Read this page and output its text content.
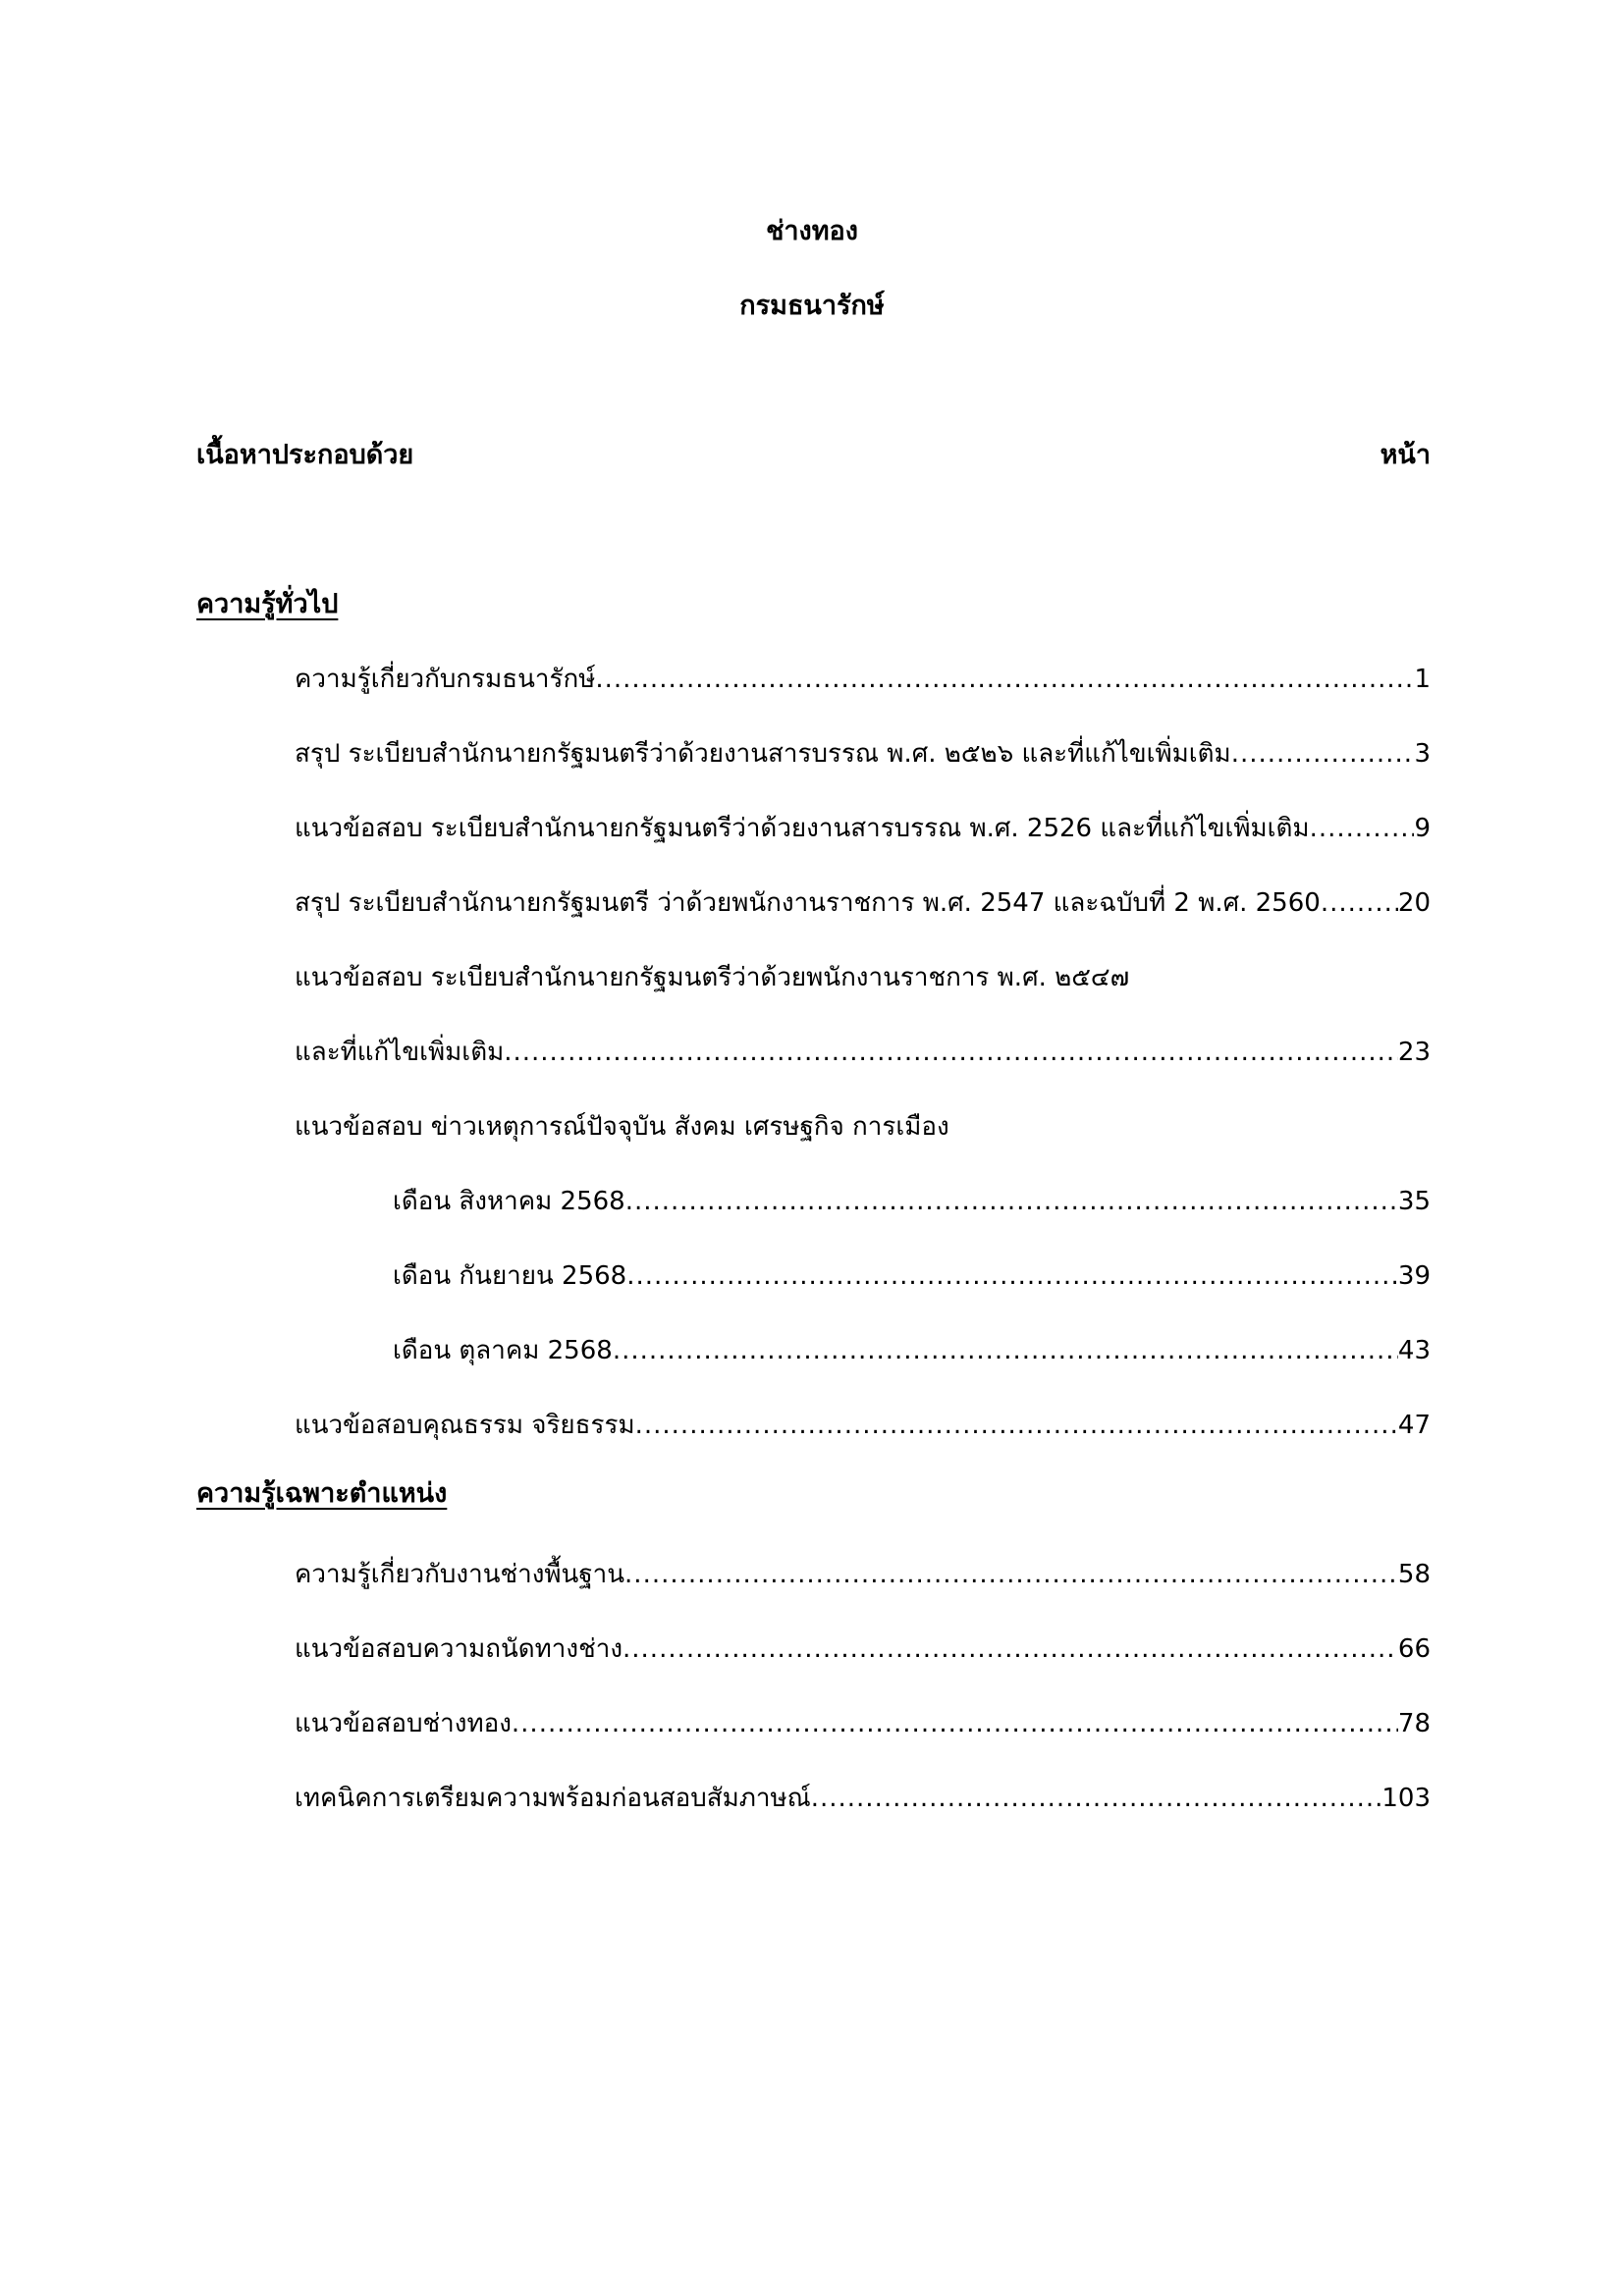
ช่างทอง
กรมธนารักษ์
เนื้อหาประกอบด้วย	หน้า
ความรู้ทั่วไป
ความรู้เกี่ยวกับกรมธนารักษ์ .....	1
สรุป ระเบียบสำนักนายกรัฐมนตรีว่าด้วยงานสารบรรณ พ.ศ. ๒๕๒๖ และที่แก้ไขเพิ่มเติม .....	3
แนวข้อสอบ ระเบียบสำนักนายกรัฐมนตรีว่าด้วยงานสารบรรณ พ.ศ. 2526 และที่แก้ไขเพิ่มเติม .....	9
สรุป ระเบียบสำนักนายกรัฐมนตรี ว่าด้วยพนักงานราชการ พ.ศ. 2547 และฉบับที่ 2 พ.ศ. 2560 .....	20
แนวข้อสอบ ระเบียบสำนักนายกรัฐมนตรีว่าด้วยพนักงานราชการ พ.ศ. ๒๕๔๗
และที่แก้ไขเพิ่มเติม .....	23
แนวข้อสอบ ข่าวเหตุการณ์ปัจจุบัน สังคม เศรษฐกิจ การเมือง
เดือน สิงหาคม 2568 .....	35
เดือน กันยายน 2568 .....	39
เดือน ตุลาคม 2568 .....	43
แนวข้อสอบคุณธรรม จริยธรรม .....	47
ความรู้เฉพาะตำแหน่ง
ความรู้เกี่ยวกับงานช่างพื้นฐาน .....	58
แนวข้อสอบความถนัดทางช่าง .....	66
แนวข้อสอบช่างทอง .....	78
เทคนิคการเตรียมความพร้อมก่อนสอบสัมภาษณ์ .....	103
